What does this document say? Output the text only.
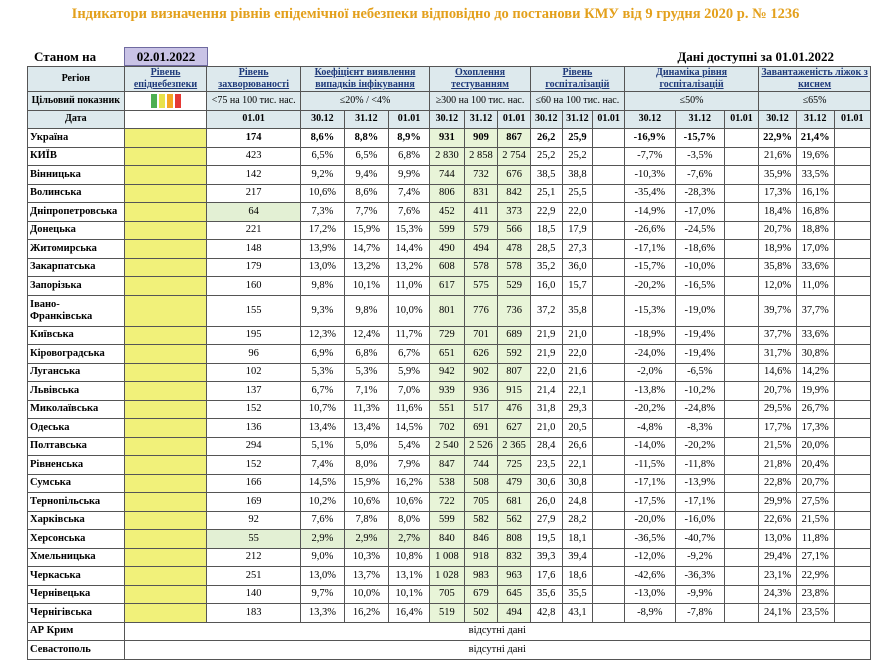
Індикатори визначення рівнів епідемічної небезпеки відповідно до постанови КМУ від 9 грудня 2020 р. № 1236
Станом на	02.01.2022	Дані доступні за 01.01.2022
Регіон	Рівень епіднебезпеки	Рівень захворюваності	Коефіцієнт виявлення випадків інфікування			Охоплення тестуванням			Рівень госпіталізацій			Динаміка рівня госпіталізацій			Завантаженість ліжок з киснем		
Цільовий показник		<75 на 100 тис. нас.	≤20% / <4%			≥300 на 100 тис. нас.			≤60 на 100 тис. нас.			≤50%			≤65%		
Дата		01.01	30.12	31.12	01.01	30.12	31.12	01.01	30.12	31.12	01.01	30.12	31.12	01.01	30.12	31.12	01.01
Україна		174	8,6%	8,8%	8,9%	931	909	867	26,2	25,9		-16,9%	-15,7%		22,9%	21,4%	
КИЇВ		423	6,5%	6,5%	6,8%	2 830	2 858	2 754	25,2	25,2		-7,7%	-3,5%		21,6%	19,6%	
Вінницька		142	9,2%	9,4%	9,9%	744	732	676	38,5	38,8		-10,3%	-7,6%		35,9%	33,5%	
Волинська		217	10,6%	8,6%	7,4%	806	831	842	25,1	25,5		-35,4%	-28,3%		17,3%	16,1%	
Дніпропетровська		64	7,3%	7,7%	7,6%	452	411	373	22,9	22,0		-14,9%	-17,0%		18,4%	16,8%	
Донецька		221	17,2%	15,9%	15,3%	599	579	566	18,5	17,9		-26,6%	-24,5%		20,7%	18,8%	
Житомирська		148	13,9%	14,7%	14,4%	490	494	478	28,5	27,3		-17,1%	-18,6%		18,9%	17,0%	
Закарпатська		179	13,0%	13,2%	13,2%	608	578	578	35,2	36,0		-15,7%	-10,0%		35,8%	33,6%	
Запорізька		160	9,8%	10,1%	11,0%	617	575	529	16,0	15,7		-20,2%	-16,5%		12,0%	11,0%	
Івано-Франківська		155	9,3%	9,8%	10,0%	801	776	736	37,2	35,8		-15,3%	-19,0%		39,7%	37,7%	
Київська		195	12,3%	12,4%	11,7%	729	701	689	21,9	21,0		-18,9%	-19,4%		37,7%	33,6%	
Кіровоградська		96	6,9%	6,8%	6,7%	651	626	592	21,9	22,0		-24,0%	-19,4%		31,7%	30,8%	
Луганська		102	5,3%	5,3%	5,9%	942	902	807	22,0	21,6		-2,0%	-6,5%		14,6%	14,2%	
Львівська		137	6,7%	7,1%	7,0%	939	936	915	21,4	22,1		-13,8%	-10,2%		20,7%	19,9%	
Миколаївська		152	10,7%	11,3%	11,6%	551	517	476	31,8	29,3		-20,2%	-24,8%		29,5%	26,7%	
Одеська		136	13,4%	13,4%	14,5%	702	691	627	21,0	20,5		-4,8%	-8,3%		17,7%	17,3%	
Полтавська		294	5,1%	5,0%	5,4%	2 540	2 526	2 365	28,4	26,6		-14,0%	-20,2%		21,5%	20,0%	
Рівненська		152	7,4%	8,0%	7,9%	847	744	725	23,5	22,1		-11,5%	-11,8%		21,8%	20,4%	
Сумська		166	14,5%	15,9%	16,2%	538	508	479	30,6	30,8		-17,1%	-13,9%		22,8%	20,7%	
Тернопільська		169	10,2%	10,6%	10,6%	722	705	681	26,0	24,8		-17,5%	-17,1%		29,9%	27,5%	
Харківська		92	7,6%	7,8%	8,0%	599	582	562	27,9	28,2		-20,0%	-16,0%		22,6%	21,5%	
Херсонська		55	2,9%	2,9%	2,7%	840	846	808	19,5	18,1		-36,5%	-40,7%		13,0%	11,8%	
Хмельницька		212	9,0%	10,3%	10,8%	1 008	918	832	39,3	39,4		-12,0%	-9,2%		29,4%	27,1%	
Черкаська		251	13,0%	13,7%	13,1%	1 028	983	963	17,6	18,6		-42,6%	-36,3%		23,1%	22,9%	
Чернівецька		140	9,7%	10,0%	10,1%	705	679	645	35,6	35,5		-13,0%	-9,9%		24,3%	23,8%	
Чернігівська		183	13,3%	16,2%	16,4%	519	502	494	42,8	43,1		-8,9%	-7,8%		24,1%	23,5%	
АР Крим	відсутні дані																
Севастополь	відсутні дані																
